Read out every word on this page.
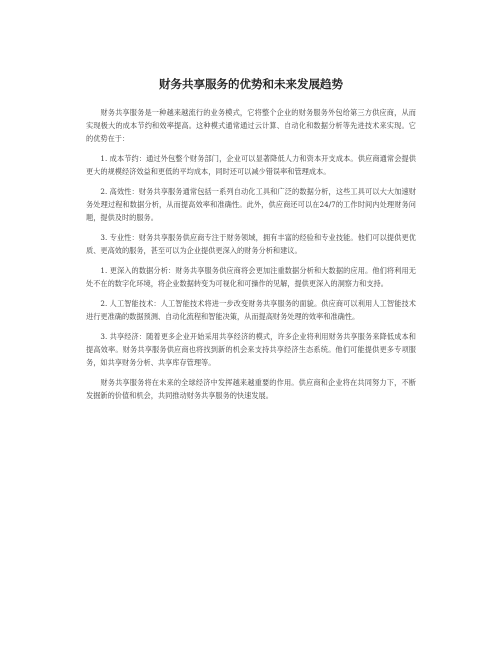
财务共享服务的优势和未来发展趋势

财务共享服务是一种越来越流行的业务模式，它将整个企业的财务服务外包给第三方供应商，从而实现极大的成本节约和效率提高。这种模式通常通过云计算、自动化和数据分析等先进技术来实现。它的优势在于：

1. 成本节约：通过外包整个财务部门，企业可以显著降低人力和资本开支成本。供应商通常会提供更大的规模经济效益和更低的平均成本，同时还可以减少错误率和管理成本。

2. 高效性：财务共享服务通常包括一系列自动化工具和广泛的数据分析，这些工具可以大大加速财务处理过程和数据分析，从而提高效率和准确性。此外，供应商还可以在24/7的工作时间内处理财务问题，提供及时的服务。

3. 专业性：财务共享服务供应商专注于财务领域，拥有丰富的经验和专业技能。他们可以提供更优质、更高效的服务，甚至可以为企业提供更深入的财务分析和建议。

1. 更深入的数据分析：财务共享服务供应商将会更加注重数据分析和大数据的应用。他们将利用无处不在的数字化环境，将企业数据转变为可视化和可操作的见解，提供更深入的洞察力和支持。

2. 人工智能技术：人工智能技术将进一步改变财务共享服务的面貌。供应商可以利用人工智能技术进行更准确的数据预测、自动化流程和智能决策，从而提高财务处理的效率和准确性。

3. 共享经济：随着更多企业开始采用共享经济的模式，许多企业将利用财务共享服务来降低成本和提高效率。财务共享服务供应商也将找到新的机会来支持共享经济生态系统。他们可能提供更多专项服务，如共享财务分析、共享库存管理等。

财务共享服务将在未来的全球经济中发挥越来越重要的作用。供应商和企业将在共同努力下，不断发掘新的价值和机会，共同推动财务共享服务的快速发展。
